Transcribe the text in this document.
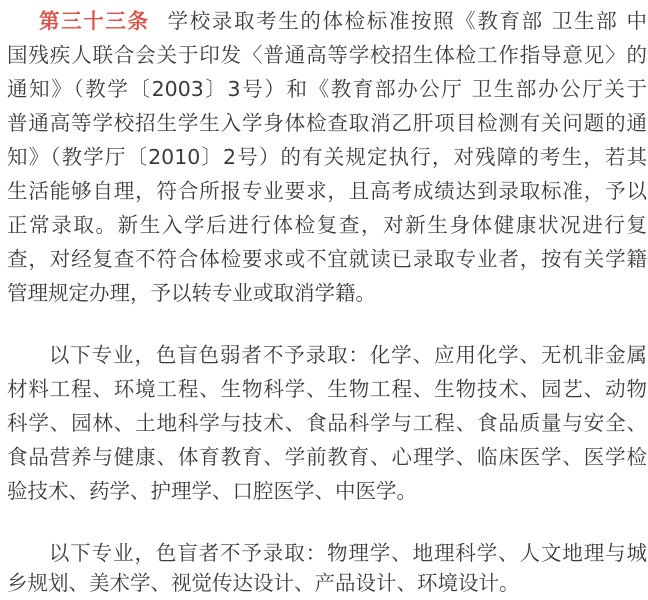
第三十三条 学校录取考生的体检标准按照《教育部 卫生部 中
国残疾人联合会关于印发〈普通高等学校招生体检工作指导意见〉的
通知》（教学〔2003〕3号）和《教育部办公厅 卫生部办公厅关于
普通高等学校招生学生入学身体检查取消乙肝项目检测有关问题的通
知》（教学厅〔2010〕2号）的有关规定执行，对残障的考生，若其
生活能够自理，符合所报专业要求，且高考成绩达到录取标准，予以
正常录取。新生入学后进行体检复查，对新生身体健康状况进行复
查，对经复查不符合体检要求或不宜就读已录取专业者，按有关学籍
管理规定办理，予以转专业或取消学籍。
以下专业，色盲色弱者不予录取：化学、应用化学、无机非金属
材料工程、环境工程、生物科学、生物工程、生物技术、园艺、动物
科学、园林、土地科学与技术、食品科学与工程、食品质量与安全、
食品营养与健康、体育教育、学前教育、心理学、临床医学、医学检
验技术、药学、护理学、口腔医学、中医学。
以下专业，色盲者不予录取：物理学、地理科学、人文地理与城
乡规划、美术学、视觉传达设计、产品设计、环境设计。
